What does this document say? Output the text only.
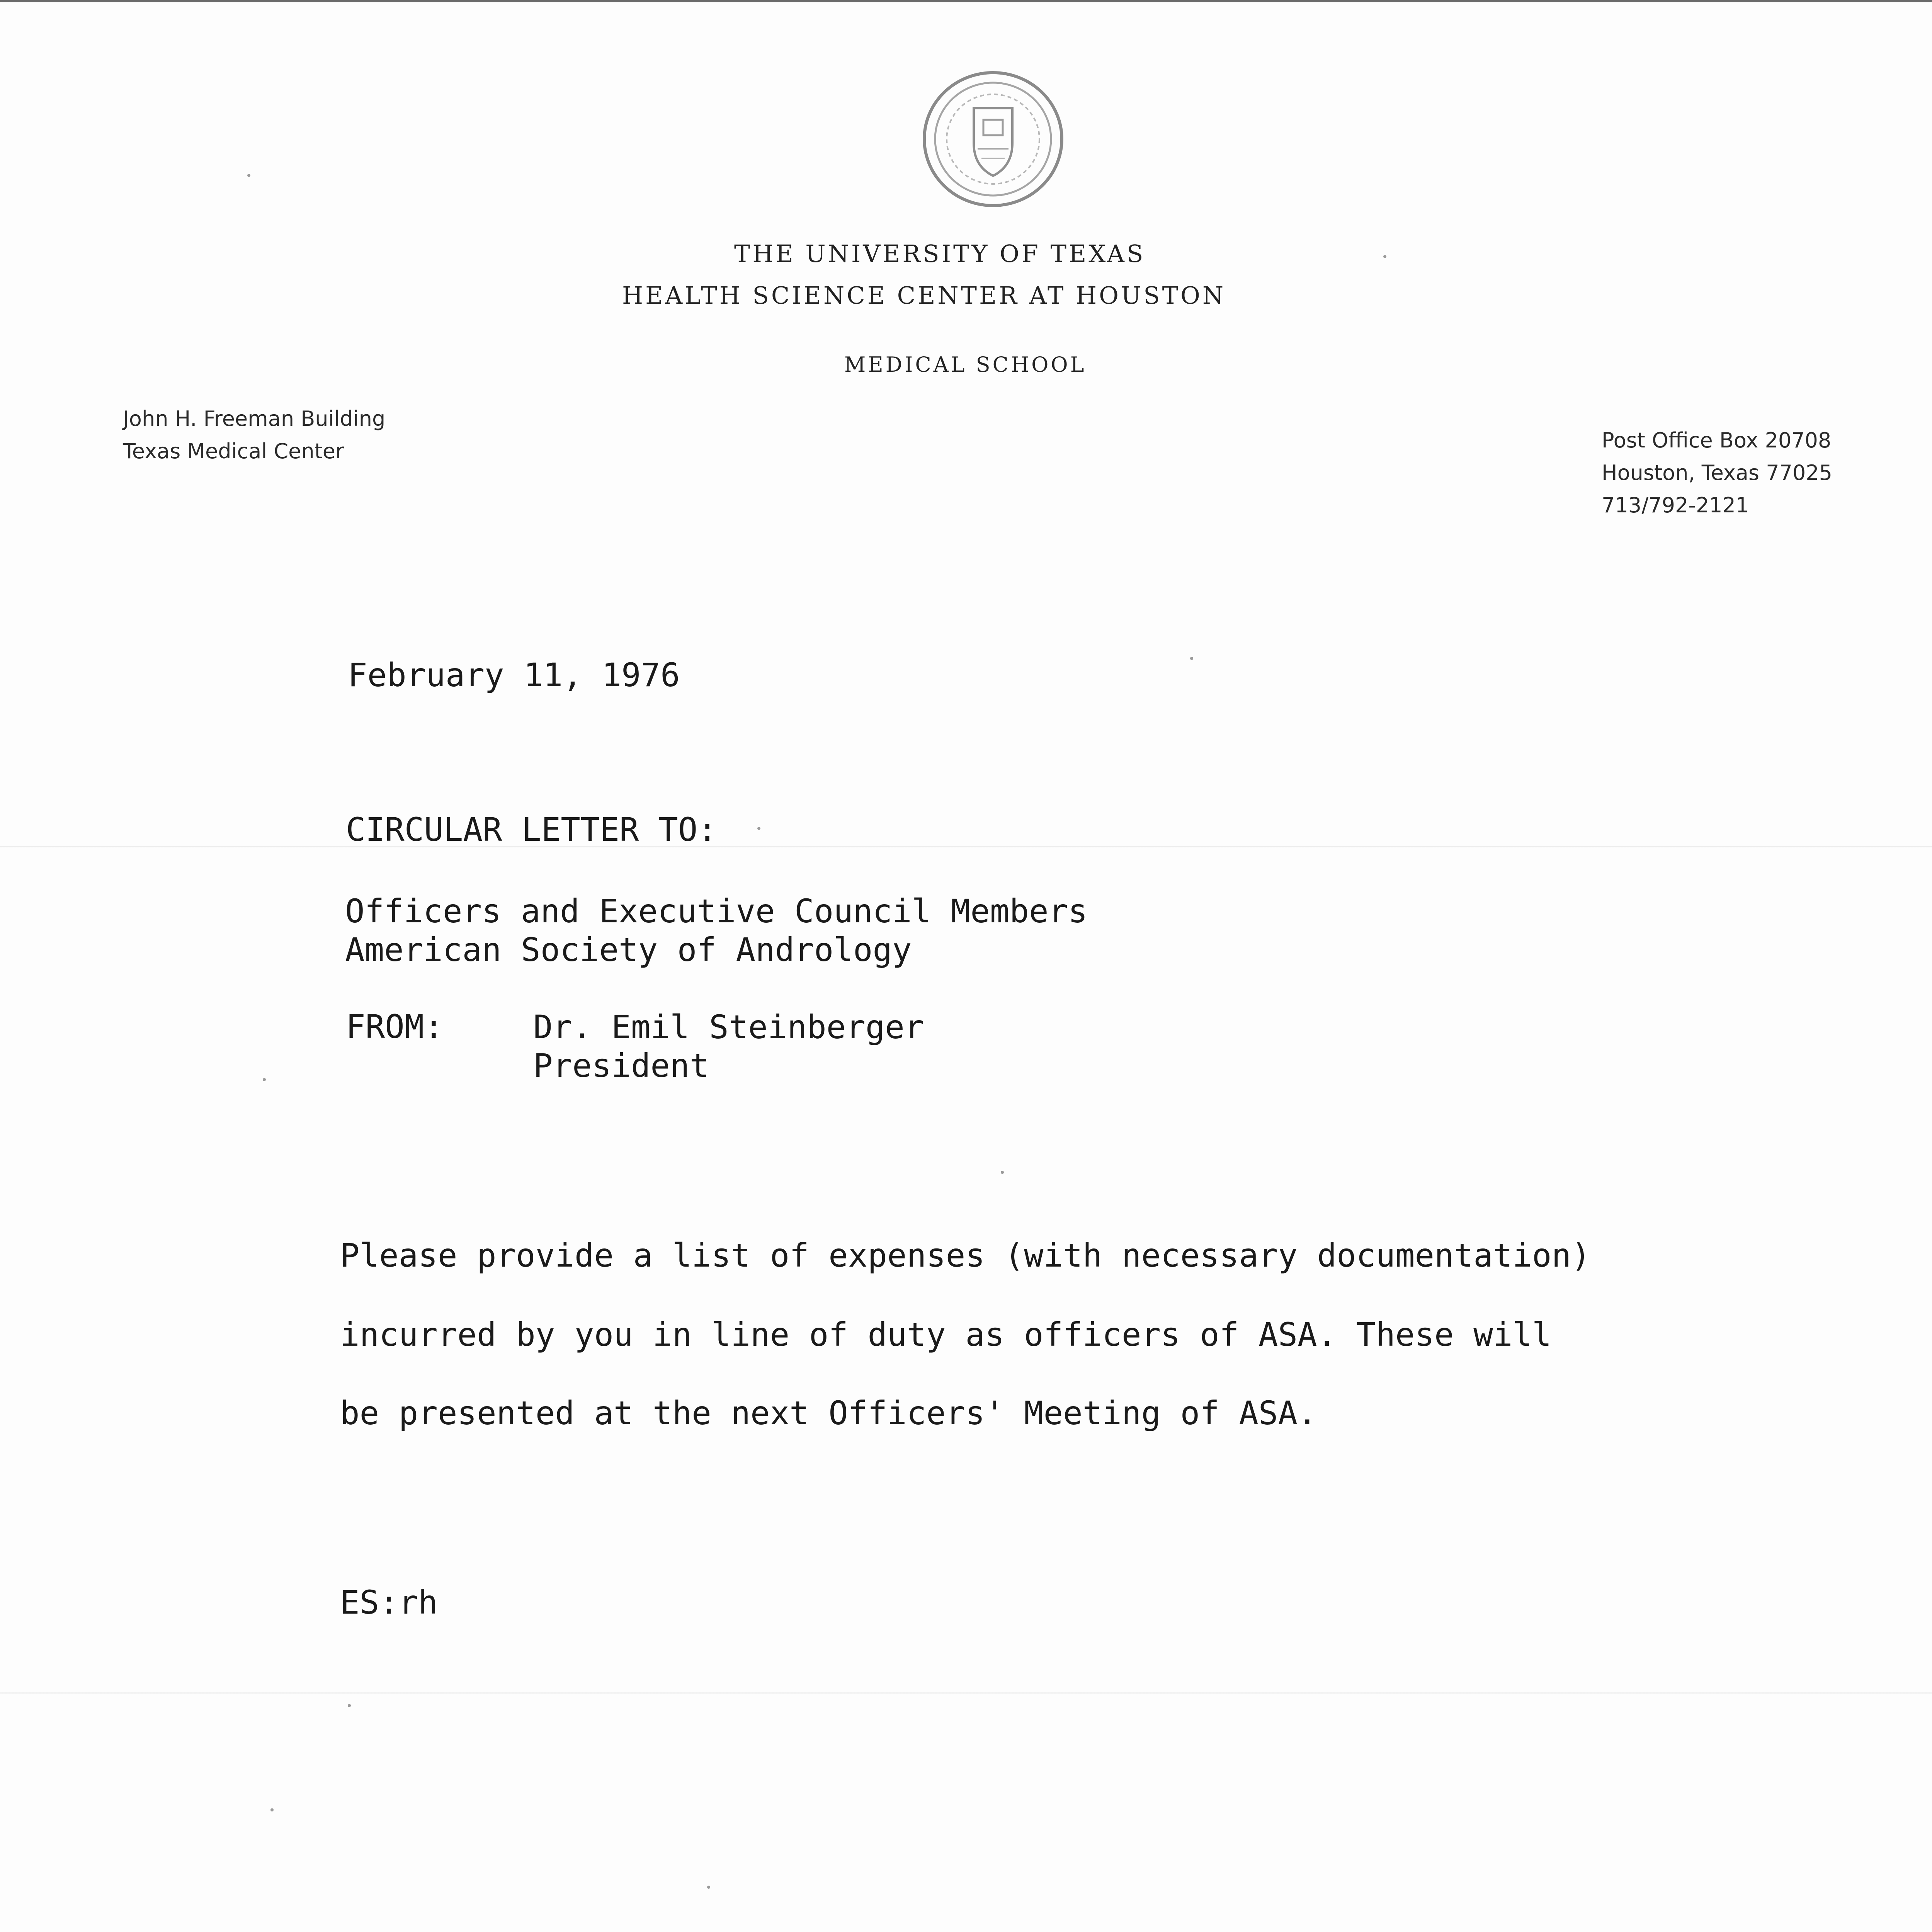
THE UNIVERSITY OF TEXAS
HEALTH SCIENCE CENTER AT HOUSTON
MEDICAL SCHOOL
John H. Freeman Building
Texas Medical Center	Post Office Box 20708
Houston, Texas 77025
713/792-2121
February 11, 1976
CIRCULAR LETTER TO:
Officers and Executive Council Members
American Society of Andrology
FROM:	Dr. Emil Steinberger
President
Please provide a list of expenses (with necessary documentation)
incurred by you in line of duty as officers of ASA. These will
be presented at the next Officers' Meeting of ASA.
ES:rh
